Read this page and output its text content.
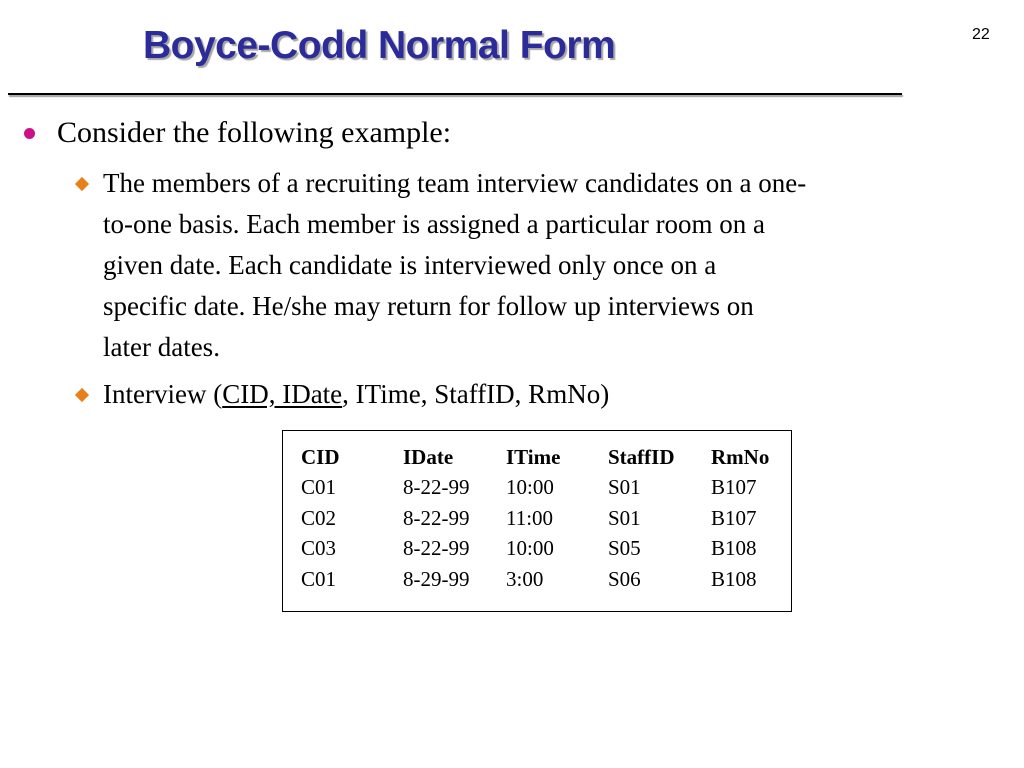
Boyce-Codd Normal Form	22
Consider the following example:
The members of a recruiting team interview candidates on a one-
to-one basis. Each member is assigned a particular room on a
given date. Each candidate is interviewed only once on a
specific date. He/she may return for follow up interviews on
later dates.
Interview (CID, IDate, ITime, StaffID, RmNo)
CID	IDate	ITime	StaffID	RmNo
C01	8-22-99	10:00	S01	B107
C02	8-22-99	11:00	S01	B107
C03	8-22-99	10:00	S05	B108
C01	8-29-99	3:00	S06	B108
